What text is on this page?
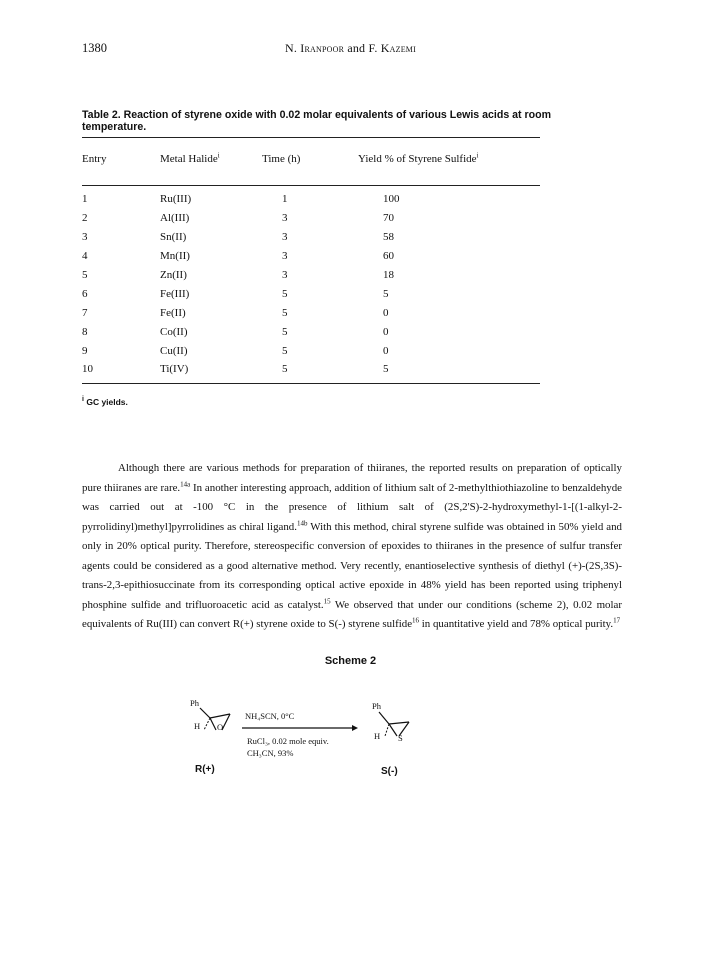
1380	N. Iranpoor and F. Kazemi
Table 2. Reaction of styrene oxide with 0.02 molar equivalents of various Lewis acids at room temperature.
Entry	Metal Halide$^i$	Time (h)	Yield % of Styrene Sulfide$^i$
1	Ru(III)	1	100
2	Al(III)	3	70
3	Sn(II)	3	58
4	Mn(II)	3	60
5	Zn(II)	3	18
6	Fe(III)	5	5
7	Fe(II)	5	0
8	Co(II)	5	0
9	Cu(II)	5	0
10	Ti(IV)	5	5
$^i$ GC yields.
Although there are various methods for preparation of thiiranes, the reported results on preparation of optically pure thiiranes are rare.$^{14a}$ In another interesting approach, addition of lithium salt of 2-methylthiothiazoline to benzaldehyde was carried out at -100 °C in the presence of lithium salt of (2S,2'S)-2-hydroxymethyl-1-[(1-alkyl-2-pyrrolidinyl)methyl]pyrrolidines as chiral ligand.$^{14b}$ With this method, chiral styrene sulfide was obtained in 50% yield and only in 20% optical purity. Therefore, stereospecific conversion of epoxides to thiiranes in the presence of sulfur transfer agents could be considered as a good alternative method. Very recently, enantioselective synthesis of diethyl (+)-(2S,3S)-trans-2,3-epithiosuccinate from its corresponding optical active epoxide in 48% yield has been reported using triphenyl phosphine sulfide and trifluoroacetic acid as catalyst.$^{15}$ We observed that under our conditions (scheme 2), 0.02 molar equivalents of Ru(III) can convert R(+) styrene oxide to S(-) styrene sulfide$^{16}$ in quantitative yield and 78% optical purity.$^{17}$
Scheme 2
Ph
H O
NH₄SCN, 0°C
RuCl₃, 0.02 mole equiv.
CH₃CN, 93%
Ph
H S
R(+)	S(-)
